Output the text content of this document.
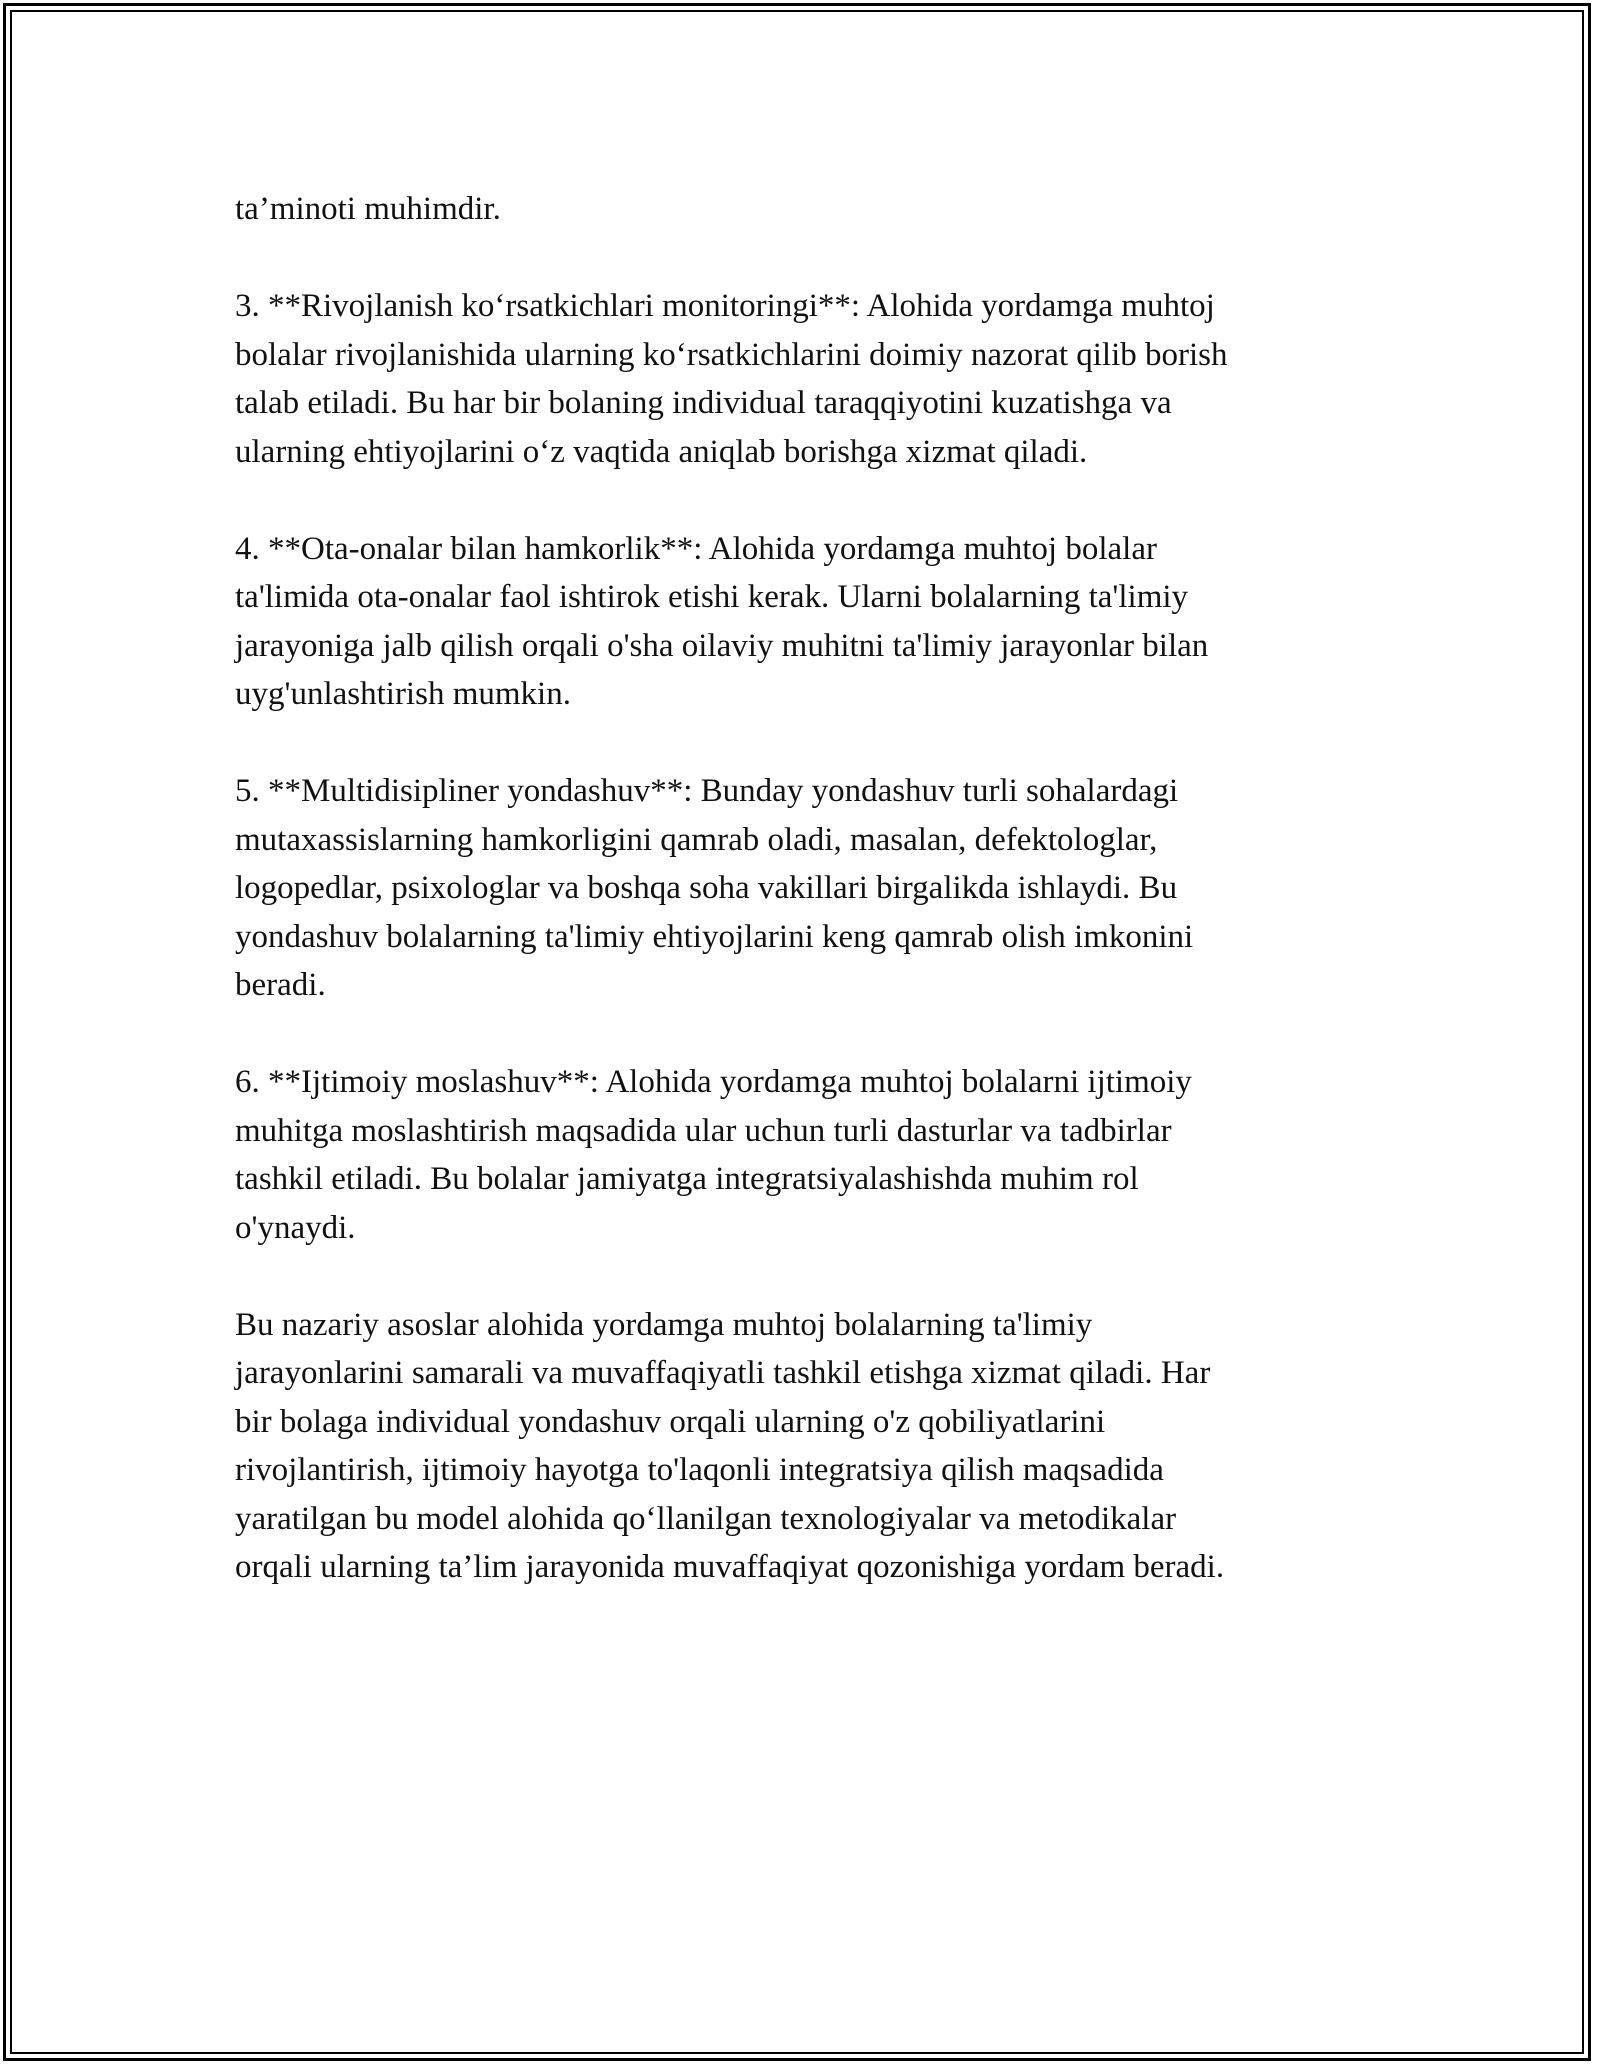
ta’minoti muhimdir.

3. **Rivojlanish ko‘rsatkichlari monitoringi**: Alohida yordamga muhtoj
bolalar rivojlanishida ularning ko‘rsatkichlarini doimiy nazorat qilib borish
talab etiladi. Bu har bir bolaning individual taraqqiyotini kuzatishga va
ularning ehtiyojlarini o‘z vaqtida aniqlab borishga xizmat qiladi.

4. **Ota-onalar bilan hamkorlik**: Alohida yordamga muhtoj bolalar
ta'limida ota-onalar faol ishtirok etishi kerak. Ularni bolalarning ta'limiy
jarayoniga jalb qilish orqali o'sha oilaviy muhitni ta'limiy jarayonlar bilan
uyg'unlashtirish mumkin.

5. **Multidisipliner yondashuv**: Bunday yondashuv turli sohalardagi
mutaxassislarning hamkorligini qamrab oladi, masalan, defektologlar,
logopedlar, psixologlar va boshqa soha vakillari birgalikda ishlaydi. Bu
yondashuv bolalarning ta'limiy ehtiyojlarini keng qamrab olish imkonini
beradi.

6. **Ijtimoiy moslashuv**: Alohida yordamga muhtoj bolalarni ijtimoiy
muhitga moslashtirish maqsadida ular uchun turli dasturlar va tadbirlar
tashkil etiladi. Bu bolalar jamiyatga integratsiyalashishda muhim rol
o'ynaydi.

Bu nazariy asoslar alohida yordamga muhtoj bolalarning ta'limiy
jarayonlarini samarali va muvaffaqiyatli tashkil etishga xizmat qiladi. Har
bir bolaga individual yondashuv orqali ularning o'z qobiliyatlarini
rivojlantirish, ijtimoiy hayotga to'laqonli integratsiya qilish maqsadida
yaratilgan bu model alohida qo‘llanilgan texnologiyalar va metodikalar
orqali ularning ta’lim jarayonida muvaffaqiyat qozonishiga yordam beradi.
